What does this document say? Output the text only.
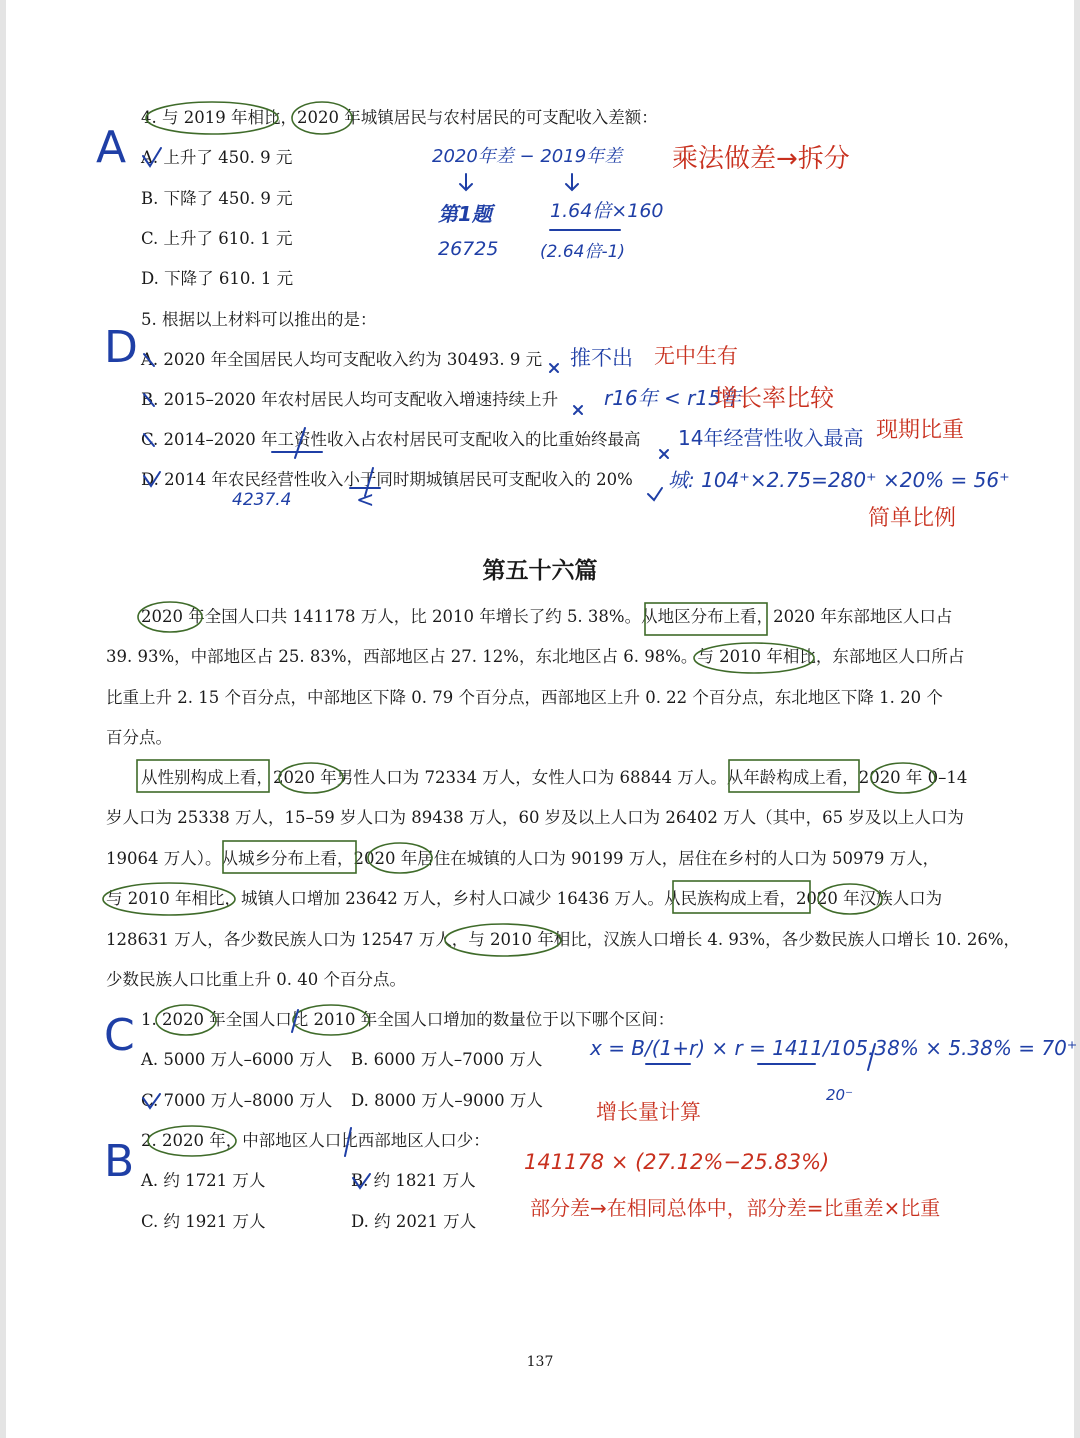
4. 与 2019 年相比，2020 年城镇居民与农村居民的可支配收入差额：
A. 上升了 450. 9 元
B. 下降了 450. 9 元
C. 上升了 610. 1 元
D. 下降了 610. 1 元
5. 根据以上材料可以推出的是：
A. 2020 年全国居民人均可支配收入约为 30493. 9 元
B. 2015–2020 年农村居民人均可支配收入增速持续上升
C. 2014–2020 年工资性收入占农村居民可支配收入的比重始终最高
D. 2014 年农民经营性收入小于同时期城镇居民可支配收入的 20%
第五十六篇
2020 年全国人口共 141178 万人，比 2010 年增长了约 5. 38%。从地区分布上看，2020 年东部地区人口占
39. 93%，中部地区占 25. 83%，西部地区占 27. 12%，东北地区占 6. 98%。与 2010 年相比，东部地区人口所占
比重上升 2. 15 个百分点，中部地区下降 0. 79 个百分点，西部地区上升 0. 22 个百分点，东北地区下降 1. 20 个
百分点。
从性别构成上看，2020 年男性人口为 72334 万人，女性人口为 68844 万人。从年龄构成上看，2020 年 0–14
岁人口为 25338 万人，15–59 岁人口为 89438 万人，60 岁及以上人口为 26402 万人（其中，65 岁及以上人口为
19064 万人）。从城乡分布上看，2020 年居住在城镇的人口为 90199 万人，居住在乡村的人口为 50979 万人，
与 2010 年相比，城镇人口增加 23642 万人，乡村人口减少 16436 万人。从民族构成上看，2020 年汉族人口为
128631 万人，各少数民族人口为 12547 万人，与 2010 年相比，汉族人口增长 4. 93%，各少数民族人口增长 10. 26%，
少数民族人口比重上升 0. 40 个百分点。
1. 2020 年全国人口比 2010 年全国人口增加的数量位于以下哪个区间：
A. 5000 万人–6000 万人 B. 6000 万人–7000 万人
C. 7000 万人–8000 万人 D. 8000 万人–9000 万人
2. 2020 年，中部地区人口比西部地区人口少：
A. 约 1721 万人	B. 约 1821 万人
C. 约 1921 万人	D. 约 2021 万人
137
A	2020年差 − 2019年差
第1题
26725
1.64倍×160
(2.64倍-1)
乘法做差→拆分
D	推不出 无中生有
r16年 < r15年
增长率比较
14年经营性收入最高 现期比重
城: 104⁺×2.75=280⁺ ×20% = 56⁺
4237.4	<
简单比例
C	x = B/(1+r) × r = 1411/105.38% × 5.38% = 70⁺
20⁻
增长量计算
B	141178 × (27.12%−25.83%)
部分差→在相同总体中，部分差=比重差×比重
